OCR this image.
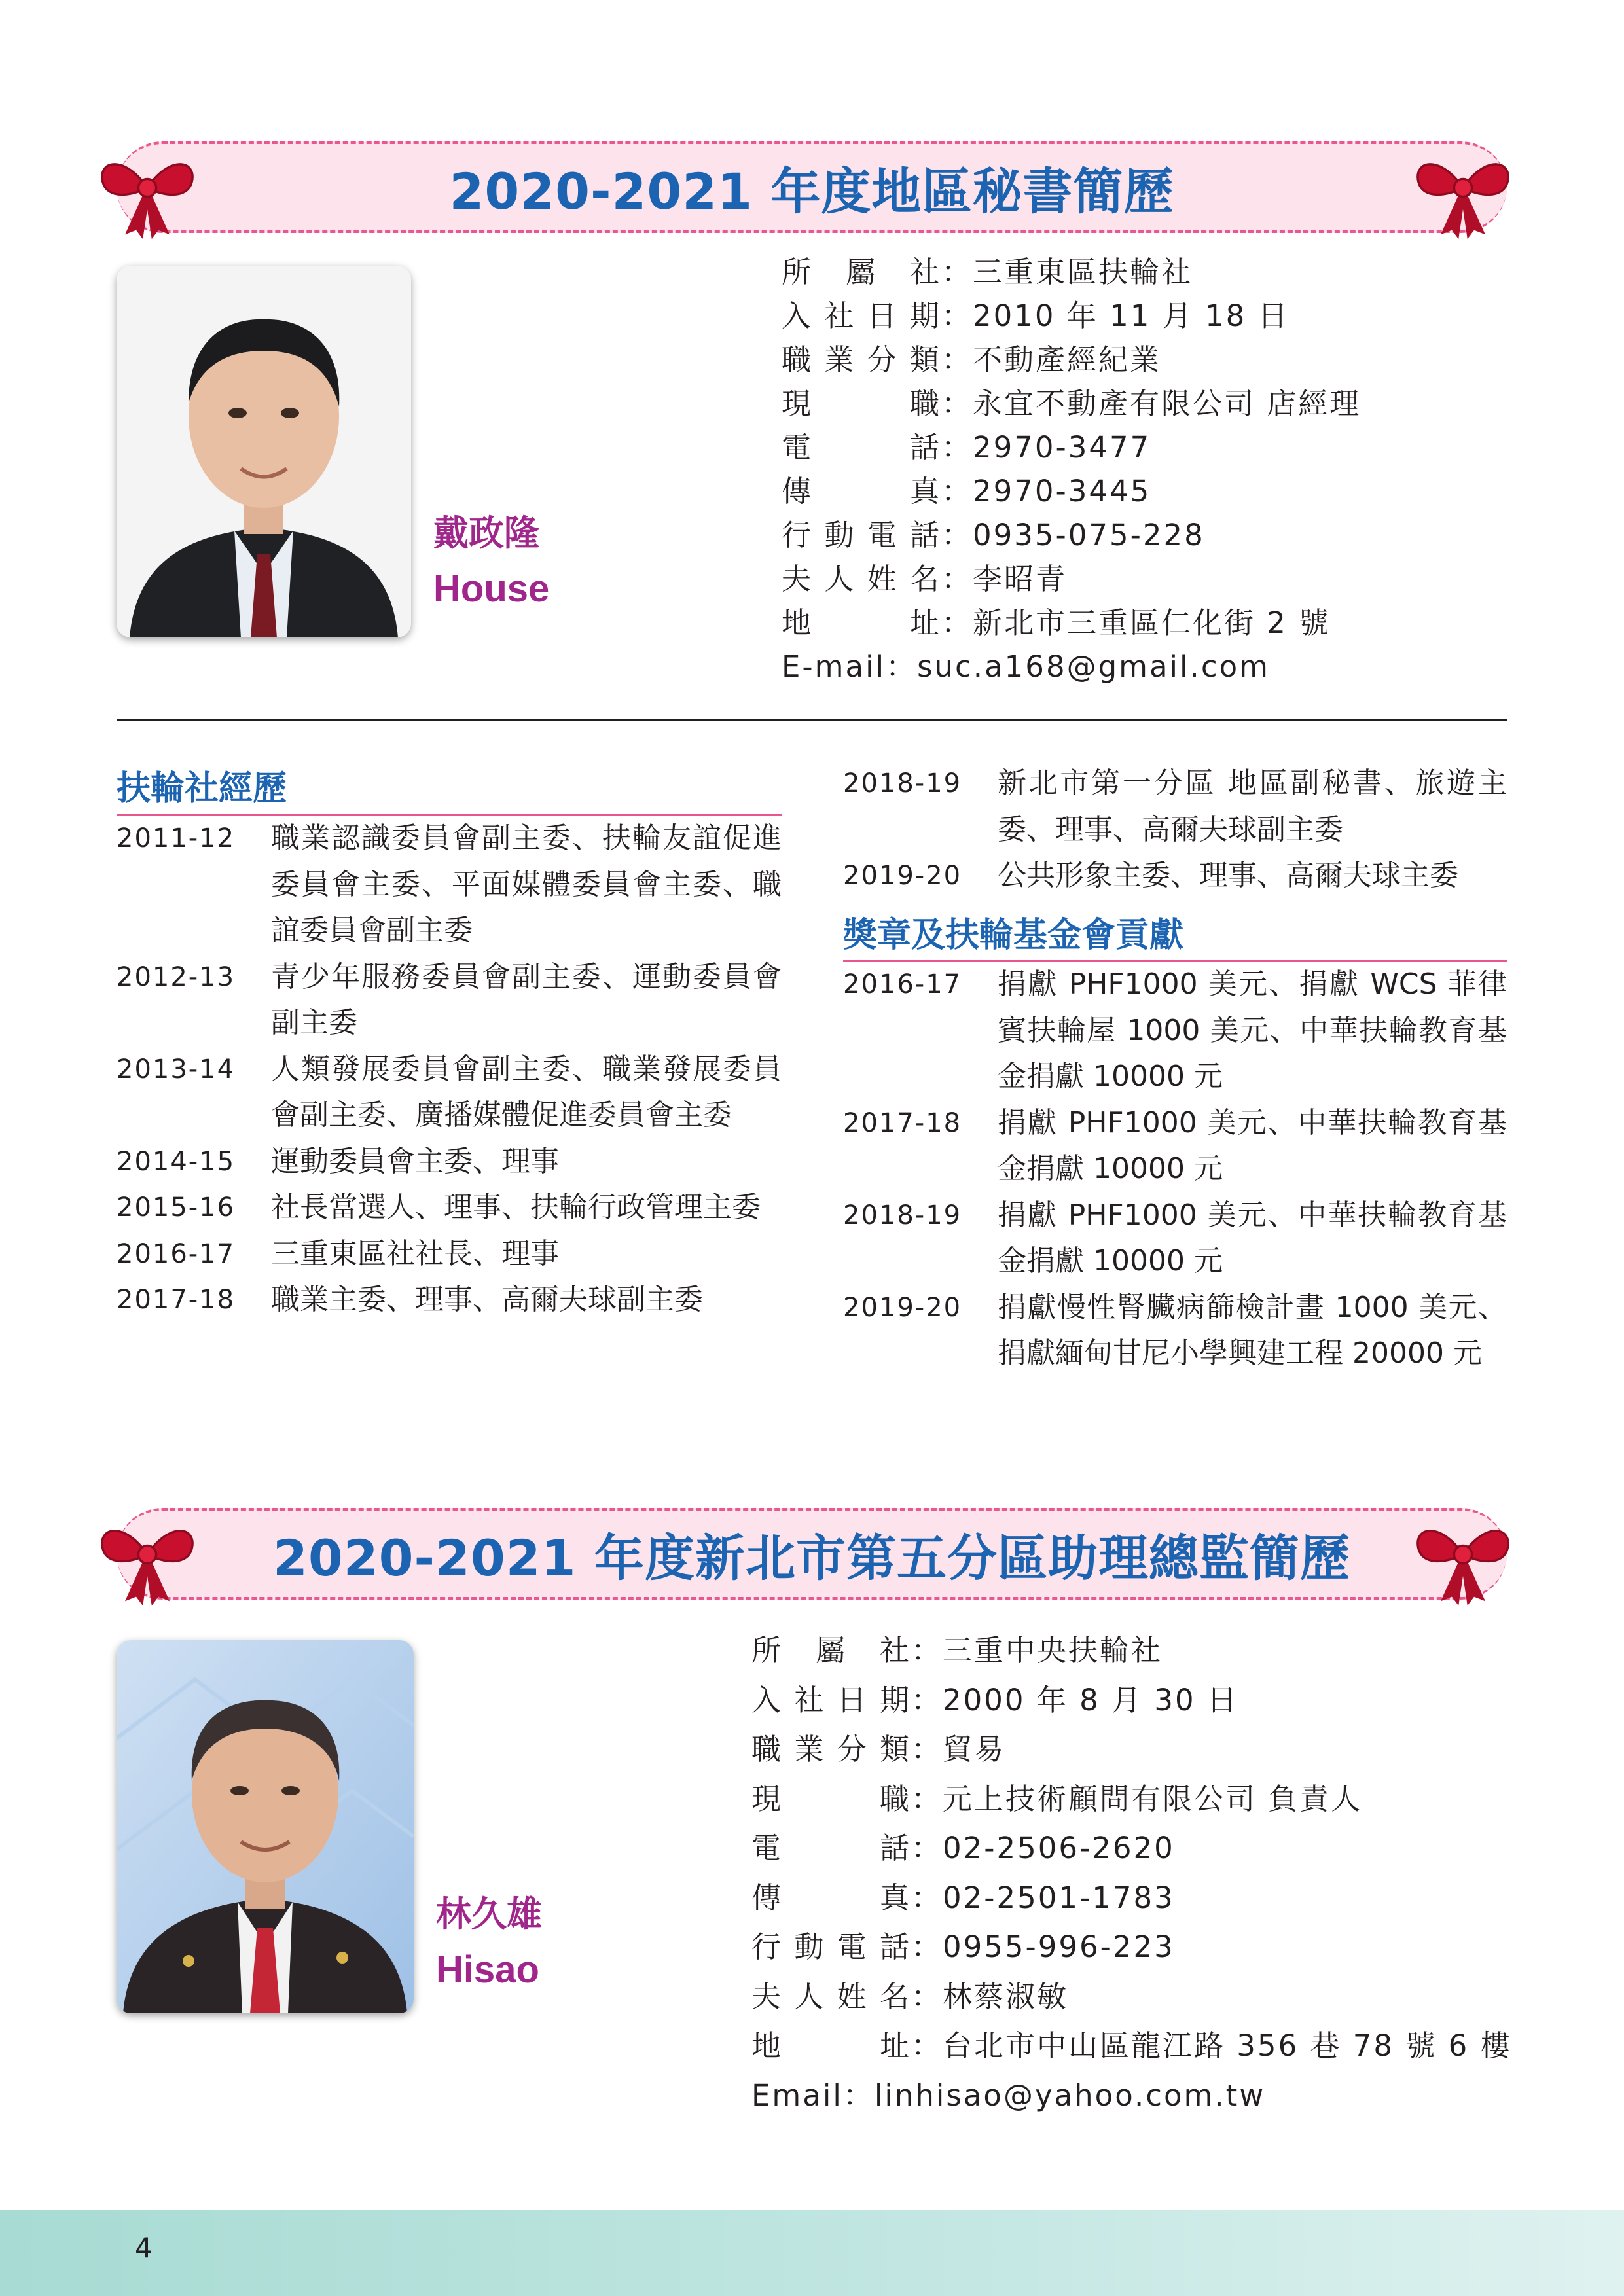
2020-2021 年度地區秘書簡歷
戴政隆
House
所 屬 社：三重東區扶輪社
入社日期：2010 年 11 月 18 日
職業分類：不動產經紀業
現　　職：永宜不動產有限公司 店經理
電　　話：2970-3477
傳　　真：2970-3445
行動電話：0935-075-228
夫人姓名：李昭青
地　　址：新北市三重區仁化街 2 號
E-mail：suc.a168@gmail.com
扶輪社經歷
2011-12	職業認識委員會副主委、扶輪友誼促進委員會主委、平面媒體委員會主委、職誼委員會副主委
2012-13	青少年服務委員會副主委、運動委員會副主委
2013-14	人類發展委員會副主委、職業發展委員會副主委、廣播媒體促進委員會主委
2014-15	運動委員會主委、理事
2015-16	社長當選人、理事、扶輪行政管理主委
2016-17	三重東區社社長、理事
2017-18	職業主委、理事、高爾夫球副主委
2018-19	新北市第一分區 地區副秘書、旅遊主委、理事、高爾夫球副主委
2019-20	公共形象主委、理事、高爾夫球主委
獎章及扶輪基金會貢獻
2016-17	捐獻 PHF1000 美元、捐獻 WCS 菲律賓扶輪屋 1000 美元、中華扶輪教育基金捐獻 10000 元
2017-18	捐獻 PHF1000 美元、中華扶輪教育基金捐獻 10000 元
2018-19	捐獻 PHF1000 美元、中華扶輪教育基金捐獻 10000 元
2019-20	捐獻慢性腎臟病篩檢計畫 1000 美元、捐獻緬甸甘尼小學興建工程 20000 元
2020-2021 年度新北市第五分區助理總監簡歷
林久雄
Hisao
所 屬 社：三重中央扶輪社
入社日期：2000 年 8 月 30 日
職業分類：貿易
現　　職：元上技術顧問有限公司 負責人
電　　話：02-2506-2620
傳　　真：02-2501-1783
行動電話：0955-996-223
夫人姓名：林蔡淑敏
地　　址：台北市中山區龍江路 356 巷 78 號 6 樓
Email：linhisao@yahoo.com.tw
4
